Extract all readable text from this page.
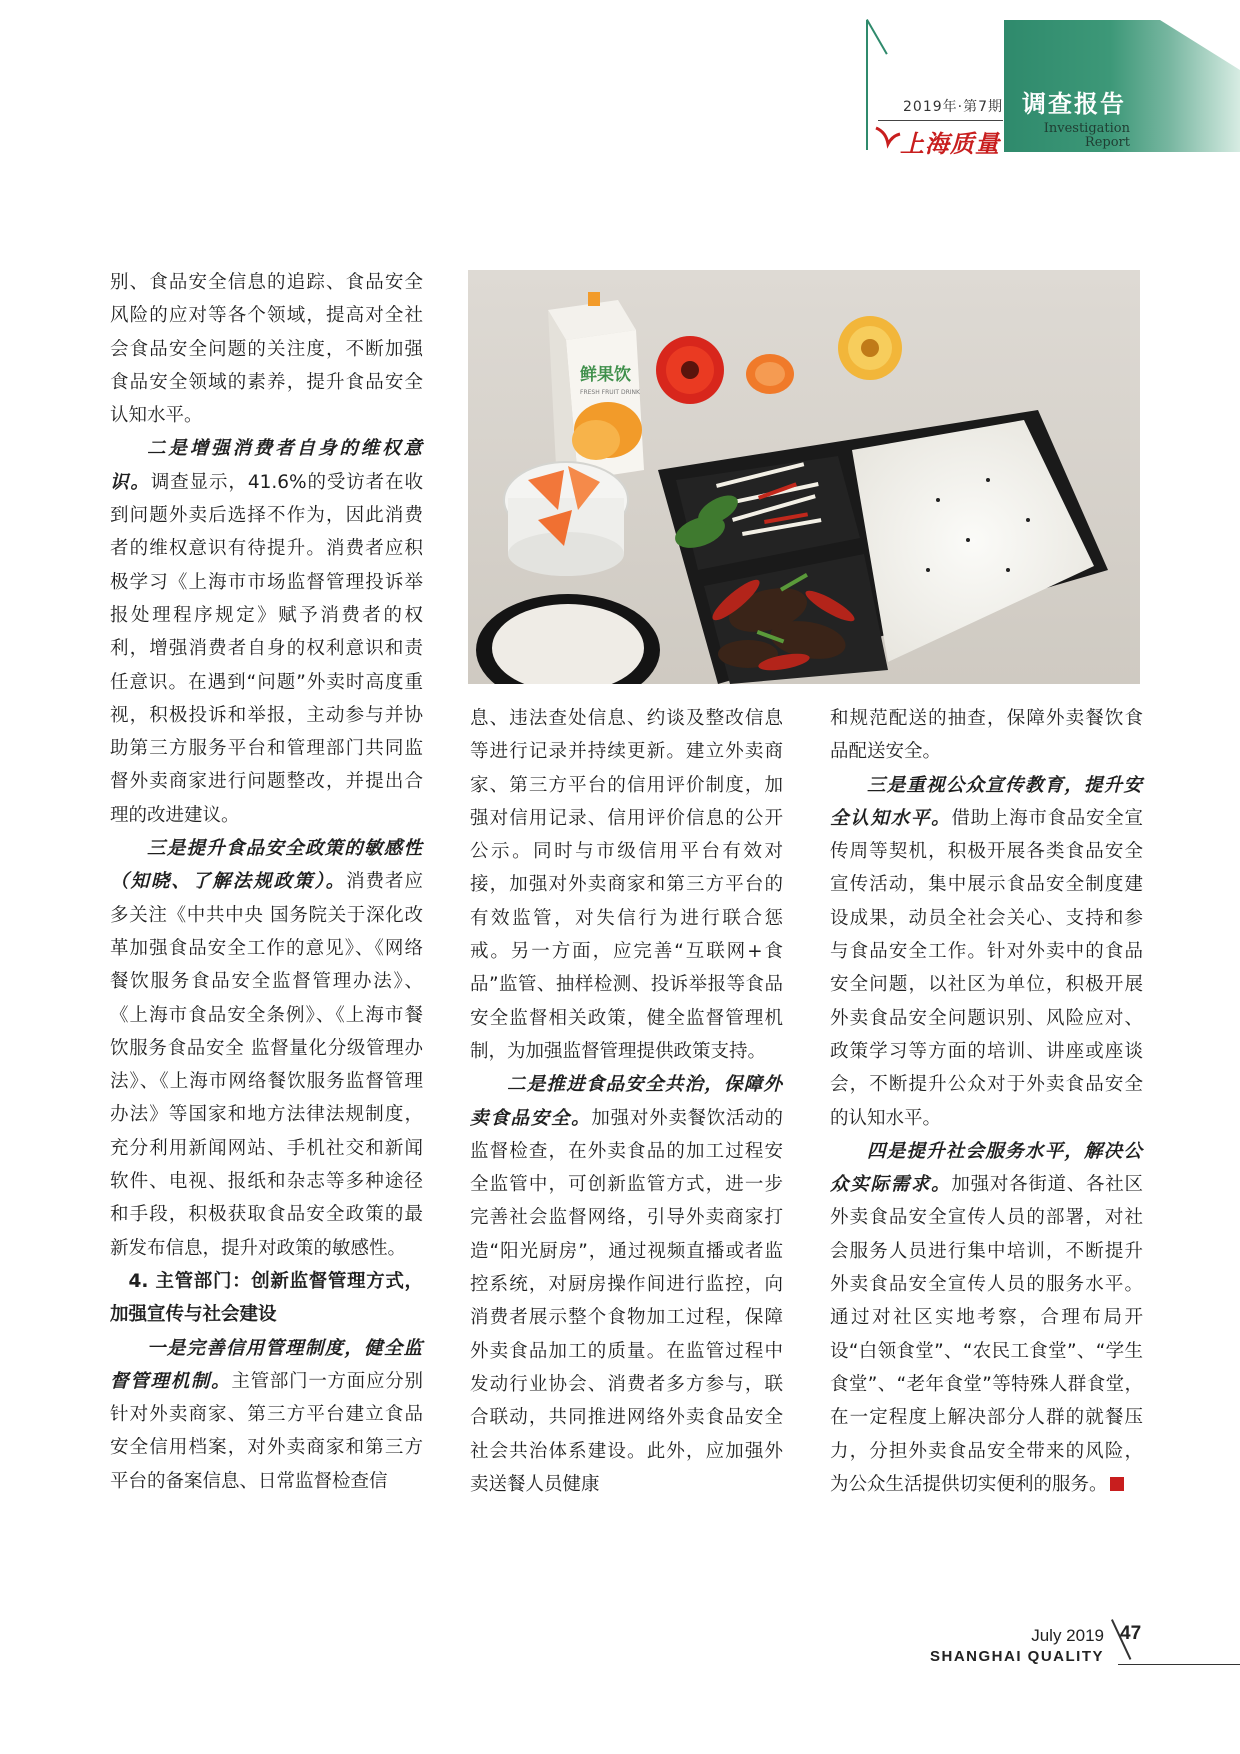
2019年·第7期
上海质量
调查报告
Investigation
Report
鲜果饮
FRESH FRUIT DRINK

别、食品安全信息的追踪、食品安全风险的应对等各个领域，提高对全社会食品安全问题的关注度，不断加强食品安全领域的素养，提升食品安全认知水平。

二是增强消费者自身的维权意识。调查显示，41.6%的受访者在收到问题外卖后选择不作为，因此消费者的维权意识有待提升。消费者应积极学习《上海市市场监督管理投诉举报处理程序规定》赋予消费者的权利，增强消费者自身的权利意识和责任意识。在遇到“问题”外卖时高度重视，积极投诉和举报，主动参与并协助第三方服务平台和管理部门共同监督外卖商家进行问题整改，并提出合理的改进建议。

三是提升食品安全政策的敏感性（知晓、了解法规政策）。消费者应多关注《中共中央 国务院关于深化改革加强食品安全工作的意见》、《网络餐饮服务食品安全监督管理办法》、《上海市食品安全条例》、《上海市餐饮服务食品安全 监督量化分级管理办法》、《上海市网络餐饮服务监督管理办法》等国家和地方法律法规制度，充分利用新闻网站、手机社交和新闻软件、电视、报纸和杂志等多种途径和手段，积极获取食品安全政策的最新发布信息，提升对政策的敏感性。

4. 主管部门：创新监督管理方式，加强宣传与社会建设

一是完善信用管理制度，健全监督管理机制。主管部门一方面应分别针对外卖商家、第三方平台建立食品安全信用档案，对外卖商家和第三方平台的备案信息、日常监督检查信

息、违法查处信息、约谈及整改信息等进行记录并持续更新。建立外卖商家、第三方平台的信用评价制度，加强对信用记录、信用评价信息的公开公示。同时与市级信用平台有效对接，加强对外卖商家和第三方平台的有效监管，对失信行为进行联合惩戒。另一方面，应完善“互联网+食品”监管、抽样检测、投诉举报等食品安全监督相关政策，健全监督管理机制，为加强监督管理提供政策支持。

二是推进食品安全共治，保障外卖食品安全。加强对外卖餐饮活动的监督检查，在外卖食品的加工过程安全监管中，可创新监管方式，进一步完善社会监督网络，引导外卖商家打造“阳光厨房”，通过视频直播或者监控系统，对厨房操作间进行监控，向消费者展示整个食物加工过程，保障外卖食品加工的质量。在监管过程中发动行业协会、消费者多方参与，联合联动，共同推进网络外卖食品安全社会共治体系建设。此外，应加强外卖送餐人员健康

和规范配送的抽查，保障外卖餐饮食品配送安全。

三是重视公众宣传教育，提升安全认知水平。借助上海市食品安全宣传周等契机，积极开展各类食品安全宣传活动，集中展示食品安全制度建设成果，动员全社会关心、支持和参与食品安全工作。针对外卖中的食品安全问题，以社区为单位，积极开展外卖食品安全问题识别、风险应对、政策学习等方面的培训、讲座或座谈会，不断提升公众对于外卖食品安全的认知水平。

四是提升社会服务水平，解决公众实际需求。加强对各街道、各社区外卖食品安全宣传人员的部署，对社会服务人员进行集中培训，不断提升外卖食品安全宣传人员的服务水平。通过对社区实地考察，合理布局开设“白领食堂”、“农民工食堂”、“学生食堂”、“老年食堂”等特殊人群食堂，在一定程度上解决部分人群的就餐压力，分担外卖食品安全带来的风险，为公众生活提供切实便利的服务。

July 2019 47
SHANGHAI QUALITY
